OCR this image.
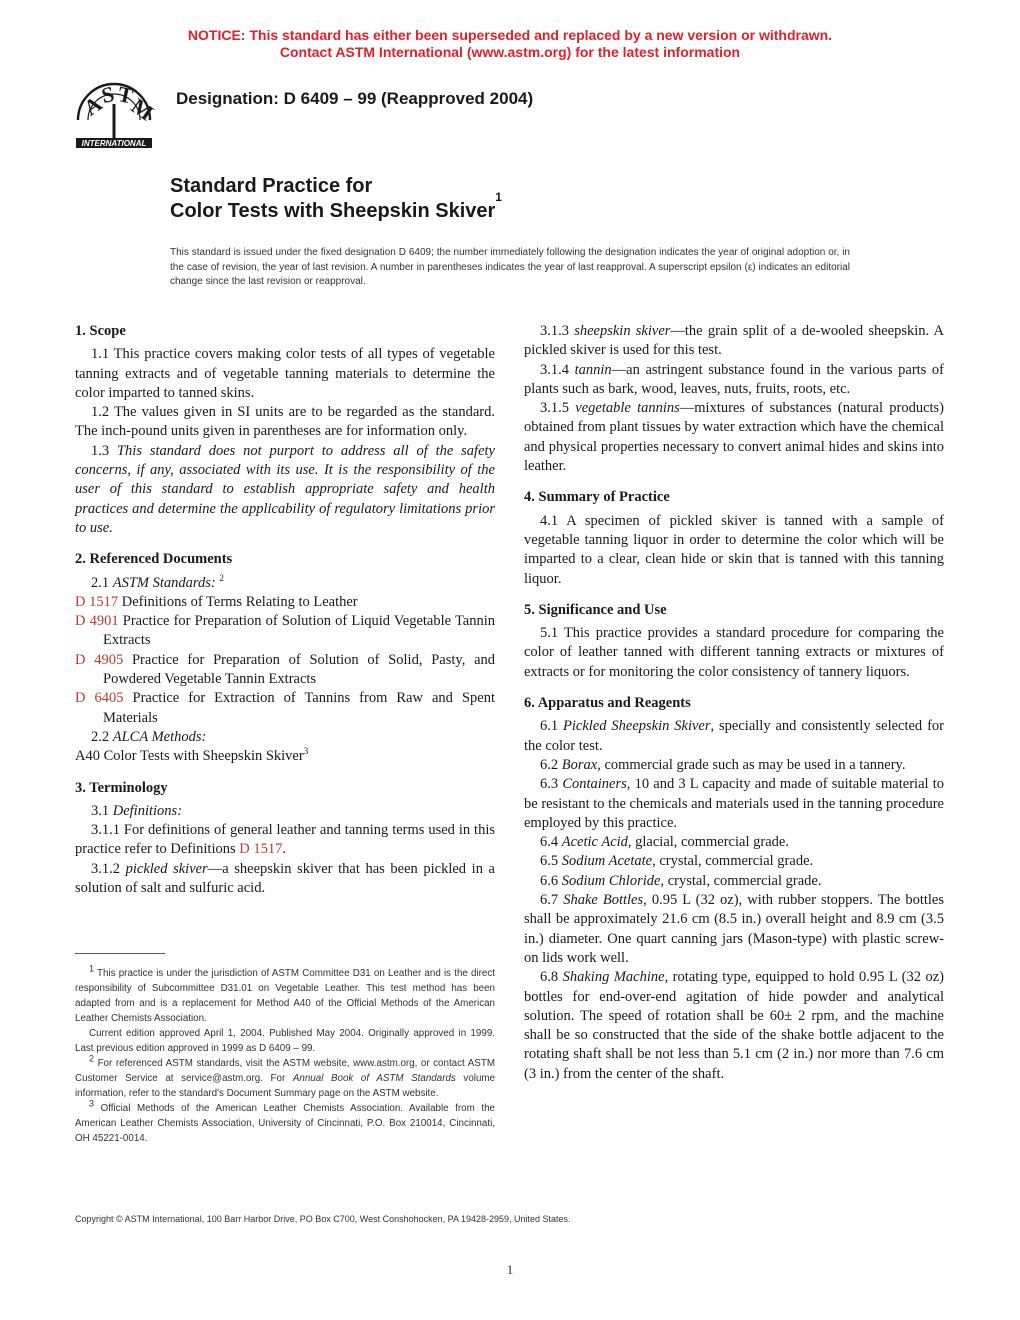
NOTICE: This standard has either been superseded and replaced by a new version or withdrawn.
Contact ASTM International (www.astm.org) for the latest information
A
S T
M
INTERNATIONAL
Designation: D 6409 – 99 (Reapproved 2004)
Standard Practice for
Color Tests with Sheepskin Skiver$^1$
This standard is issued under the fixed designation D 6409; the number immediately following the designation indicates the year of original adoption or, in the case of revision, the year of last revision. A number in parentheses indicates the year of last reapproval. A superscript epsilon (ε) indicates an editorial change since the last revision or reapproval.
1. Scope
1.1 This practice covers making color tests of all types of vegetable tanning extracts and of vegetable tanning materials to determine the color imparted to tanned skins.
1.2 The values given in SI units are to be regarded as the standard. The inch-pound units given in parentheses are for information only.
1.3 This standard does not purport to address all of the safety concerns, if any, associated with its use. It is the responsibility of the user of this standard to establish appropriate safety and health practices and determine the applicability of regulatory limitations prior to use.
2. Referenced Documents
2.1 ASTM Standards: $^2$
D 1517 Definitions of Terms Relating to Leather
D 4901 Practice for Preparation of Solution of Liquid Vegetable Tannin Extracts
D 4905 Practice for Preparation of Solution of Solid, Pasty, and Powdered Vegetable Tannin Extracts
D 6405 Practice for Extraction of Tannins from Raw and Spent Materials
2.2 ALCA Methods:
A40 Color Tests with Sheepskin Skiver$^3$
3. Terminology
3.1 Definitions:
3.1.1 For definitions of general leather and tanning terms used in this practice refer to Definitions D 1517.
3.1.2 pickled skiver—a sheepskin skiver that has been pickled in a solution of salt and sulfuric acid.
3.1.3 sheepskin skiver—the grain split of a de-wooled sheepskin. A pickled skiver is used for this test.
3.1.4 tannin—an astringent substance found in the various parts of plants such as bark, wood, leaves, nuts, fruits, roots, etc.
3.1.5 vegetable tannins—mixtures of substances (natural products) obtained from plant tissues by water extraction which have the chemical and physical properties necessary to convert animal hides and skins into leather.
4. Summary of Practice
4.1 A specimen of pickled skiver is tanned with a sample of vegetable tanning liquor in order to determine the color which will be imparted to a clear, clean hide or skin that is tanned with this tanning liquor.
5. Significance and Use
5.1 This practice provides a standard procedure for comparing the color of leather tanned with different tanning extracts or mixtures of extracts or for monitoring the color consistency of tannery liquors.
6. Apparatus and Reagents
6.1 Pickled Sheepskin Skiver, specially and consistently selected for the color test.
6.2 Borax, commercial grade such as may be used in a tannery.
6.3 Containers, 10 and 3 L capacity and made of suitable material to be resistant to the chemicals and materials used in the tanning procedure employed by this practice.
6.4 Acetic Acid, glacial, commercial grade.
6.5 Sodium Acetate, crystal, commercial grade.
6.6 Sodium Chloride, crystal, commercial grade.
6.7 Shake Bottles, 0.95 L (32 oz), with rubber stoppers. The bottles shall be approximately 21.6 cm (8.5 in.) overall height and 8.9 cm (3.5 in.) diameter. One quart canning jars (Mason-type) with plastic screw-on lids work well.
6.8 Shaking Machine, rotating type, equipped to hold 0.95 L (32 oz) bottles for end-over-end agitation of hide powder and analytical solution. The speed of rotation shall be 60± 2 rpm, and the machine shall be so constructed that the side of the shake bottle adjacent to the rotating shaft shall be not less than 5.1 cm (2 in.) nor more than 7.6 cm (3 in.) from the center of the shaft.
$^1$ This practice is under the jurisdiction of ASTM Committee D31 on Leather and is the direct responsibility of Subcommittee D31.01 on Vegetable Leather. This test method has been adapted from and is a replacement for Method A40 of the Official Methods of the American Leather Chemists Association.
Current edition approved April 1, 2004. Published May 2004. Originally approved in 1999. Last previous edition approved in 1999 as D 6409 – 99.
$^2$ For referenced ASTM standards, visit the ASTM website, www.astm.org, or contact ASTM Customer Service at service@astm.org. For Annual Book of ASTM Standards volume information, refer to the standard's Document Summary page on the ASTM website.
$^3$ Official Methods of the American Leather Chemists Association. Available from the American Leather Chemists Association, University of Cincinnati, P.O. Box 210014, Cincinnati, OH 45221-0014.
Copyright © ASTM International, 100 Barr Harbor Drive, PO Box C700, West Conshohocken, PA 19428-2959, United States.
1
